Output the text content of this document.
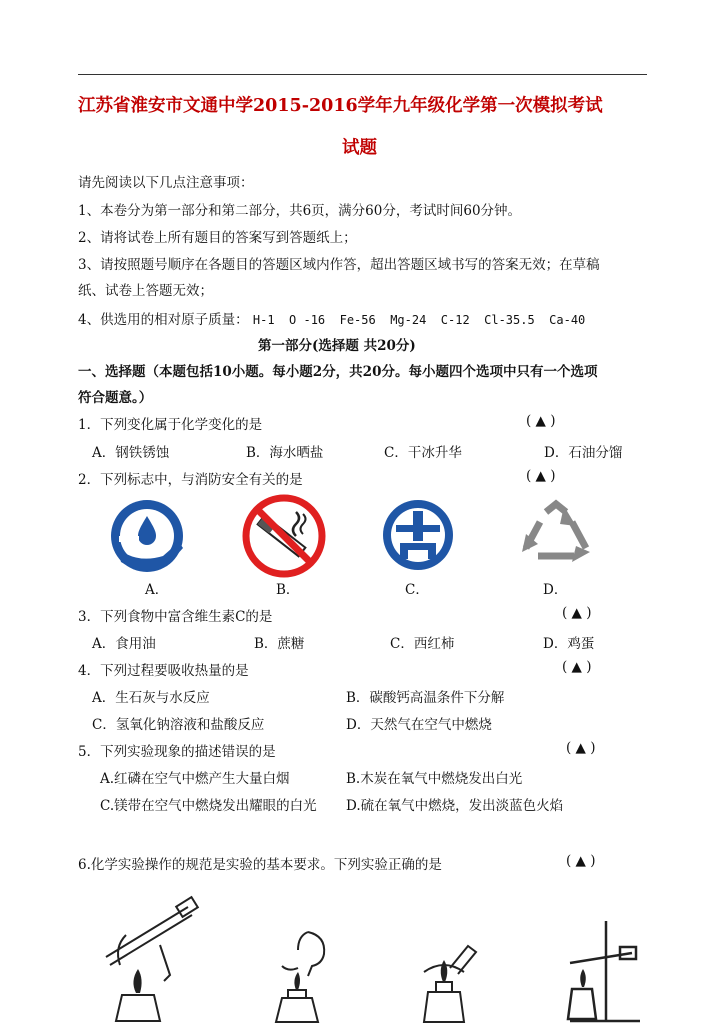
江苏省淮安市文通中学2015-2016学年九年级化学第一次模拟考试
试题
请先阅读以下几点注意事项：
1、本卷分为第一部分和第二部分，共6页，满分60分，考试时间60分钟。
2、请将试卷上所有题目的答案写到答题纸上；
3、请按照题号顺序在各题目的答题区域内作答，超出答题区域书写的答案无效；在草稿
纸、试卷上答题无效；
4、供选用的相对原子质量： H-1 O -16 Fe-56 Mg-24 C-12 Cl-35.5 Ca-40
第一部分(选择题 共20分)
一、选择题（本题包括10小题。每小题2分，共20分。每小题四个选项中只有一个选项
符合题意。）
1．下列变化属于化学变化的是	( ▲ )
A．钢铁锈蚀	B．海水晒盐	C．干冰升华	D．石油分馏
2．下列标志中，与消防安全有关的是	( ▲ )
A．	B．	C．	D．
3．下列食物中富含维生素C的是	( ▲ )
A．食用油	B．蔗糖	C．西红柿	D．鸡蛋
4．下列过程要吸收热量的是	( ▲ )
A．生石灰与水反应	B．碳酸钙高温条件下分解
C．氢氧化钠溶液和盐酸反应	D．天然气在空气中燃烧
5．下列实验现象的描述错误的是	( ▲ )
A.红磷在空气中燃产生大量白烟	B.木炭在氧气中燃烧发出白光
C.镁带在空气中燃烧发出耀眼的白光 D.硫在氧气中燃烧，发出淡蓝色火焰
6.化学实验操作的规范是实验的基本要求。下列实验正确的是	( ▲ )
